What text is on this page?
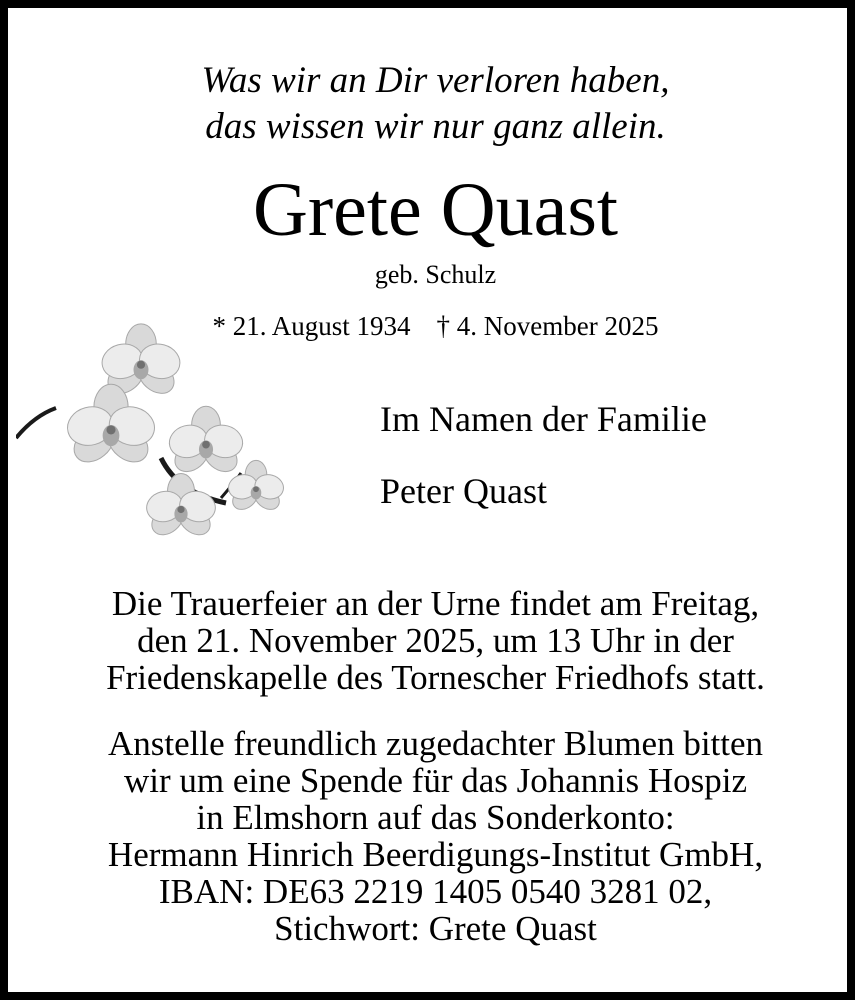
Was wir an Dir verloren haben,
das wissen wir nur ganz allein.
Grete Quast
geb. Schulz
* 21. August 1934 † 4. November 2025
Im Namen der Familie
Peter Quast
Die Trauerfeier an der Urne findet am Freitag,
den 21. November 2025, um 13 Uhr in der
Friedenskapelle des Tornescher Friedhofs statt.
Anstelle freundlich zugedachter Blumen bitten
wir um eine Spende für das Johannis Hospiz
in Elmshorn auf das Sonderkonto:
Hermann Hinrich Beerdigungs-Institut GmbH,
IBAN: DE63 2219 1405 0540 3281 02,
Stichwort: Grete Quast
